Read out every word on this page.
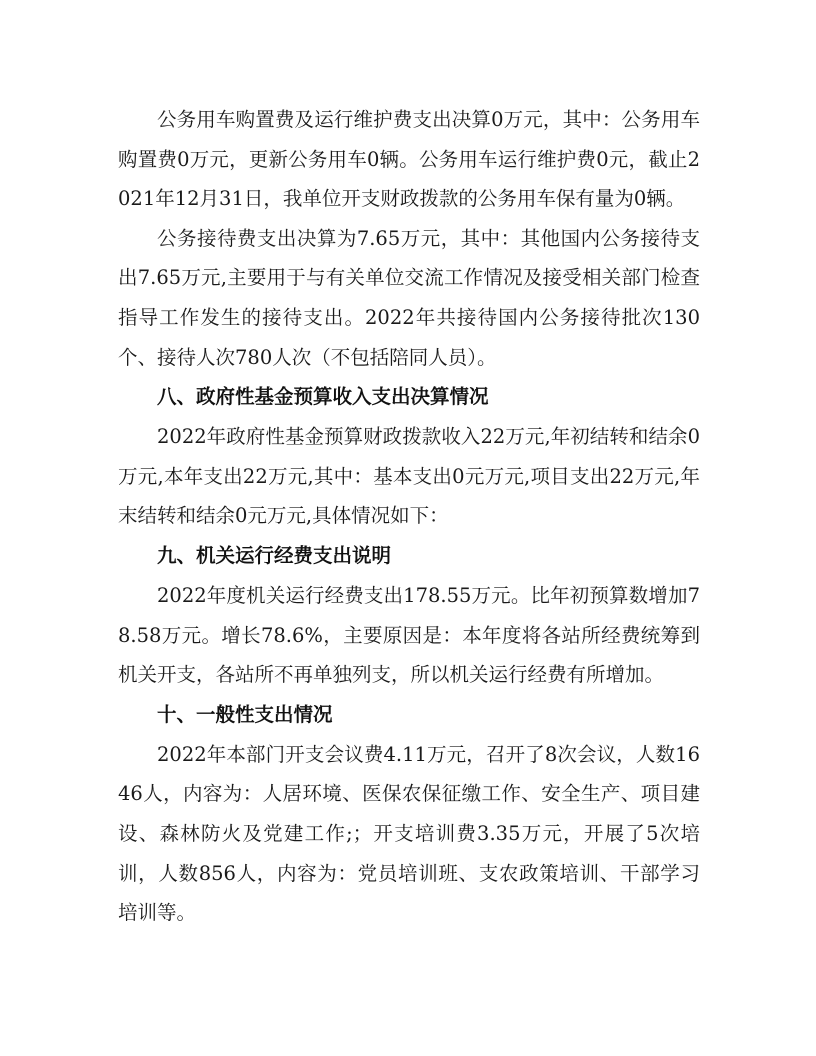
公务用车购置费及运行维护费支出决算0万元，其中：公务用车购置费0万元，更新公务用车0辆。公务用车运行维护费0元，截止2021年12月31日，我单位开支财政拨款的公务用车保有量为0辆。

公务接待费支出决算为7.65万元，其中：其他国内公务接待支出7.65万元,主要用于与有关单位交流工作情况及接受相关部门检查指导工作发生的接待支出。2022年共接待国内公务接待批次130个、接待人次780人次（不包括陪同人员）。

八、政府性基金预算收入支出决算情况

2022年政府性基金预算财政拨款收入22万元,年初结转和结余0万元,本年支出22万元,其中：基本支出0元万元,项目支出22万元,年末结转和结余0元万元,具体情况如下：

九、机关运行经费支出说明

2022年度机关运行经费支出178.55万元。比年初预算数增加78.58万元。增长78.6%，主要原因是：本年度将各站所经费统筹到机关开支，各站所不再单独列支，所以机关运行经费有所增加。

十、一般性支出情况

2022年本部门开支会议费4.11万元，召开了8次会议，人数1646人，内容为：人居环境、医保农保征缴工作、安全生产、项目建设、森林防火及党建工作;；开支培训费3.35万元，开展了5次培训，人数856人，内容为：党员培训班、支农政策培训、干部学习培训等。
